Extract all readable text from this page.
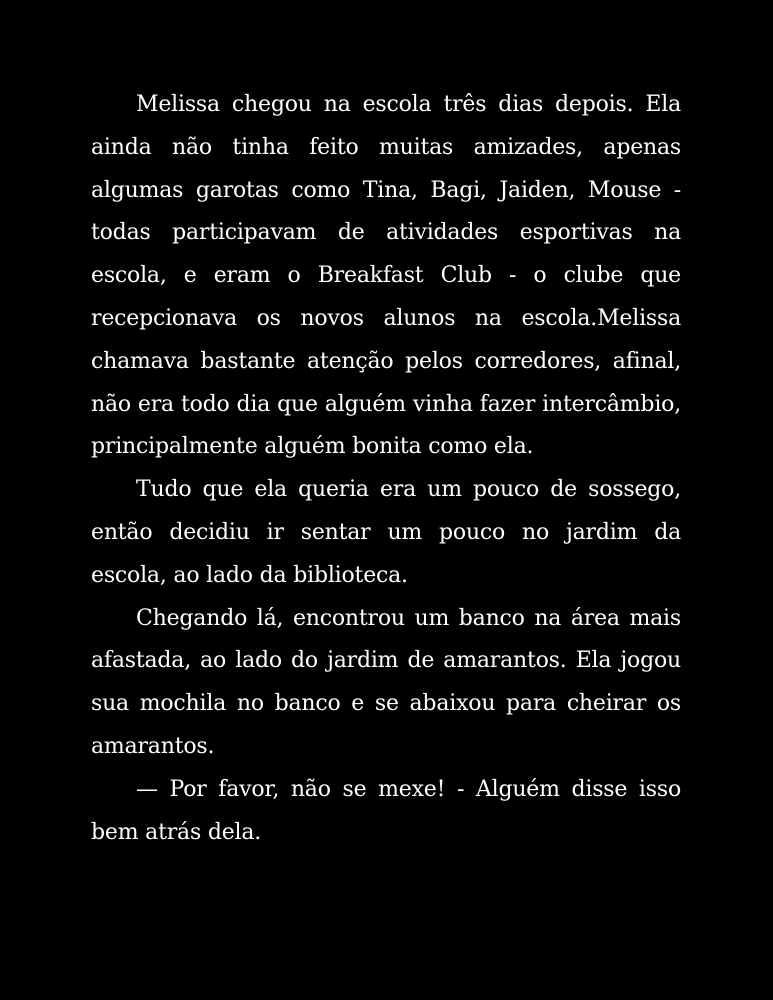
Melissa chegou na escola três dias depois. Ela ainda não tinha feito muitas amizades, apenas algumas garotas como Tina, Bagi, Jaiden, Mouse - todas participavam de atividades esportivas na escola, e eram o Breakfast Club - o clube que recepcionava os novos alunos na escola.Melissa chamava bastante atenção pelos corredores, afinal, não era todo dia que alguém vinha fazer intercâmbio, principalmente alguém bonita como ela.

Tudo que ela queria era um pouco de sossego, então decidiu ir sentar um pouco no jardim da escola, ao lado da biblioteca.

Chegando lá, encontrou um banco na área mais afastada, ao lado do jardim de amarantos. Ela jogou sua mochila no banco e se abaixou para cheirar os amarantos.

— Por favor, não se mexe! - Alguém disse isso bem atrás dela.
